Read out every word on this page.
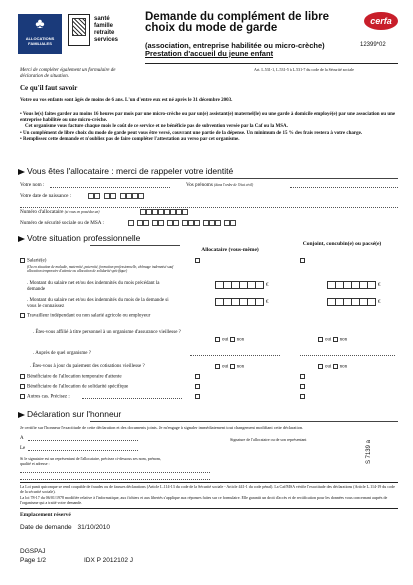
♣
ALLOCATIONS FAMILIALES
santé
famille
retraite
services
Demande du complément de libre choix du mode de garde
(association, entreprise habilitée ou micro-crèche)
Prestation d'accueil du jeune enfant
cerfa
12399*02
Art. L.531-1, L.531-5 à L.531-7 du code de la Sécurité sociale
Merci de compléter également un formulaire de déclaration de situation.
Ce qu'il faut savoir

Votre ou vos enfants sont âgés de moins de 6 ans. L'un d'entre eux est né après le 31 décembre 2003.

• Vous le(s) faites garder au moins 16 heures par mois par une micro-crèche ou par un(e) assistant(e) maternel(le) ou une garde à domicile employé(e) par une association ou une entreprise habilitée ou une micro-crèche.

Cet organisme vous facture chaque mois le coût de ce service et ne bénéficie pas de subvention versée par la Caf ou la MSA.

• Un complément de libre choix du mode de garde peut vous être versé, couvrant une partie de la dépense. Un minimum de 15 % des frais restera à votre charge.

• Remplissez cette demande et n'oubliez pas de faire compléter l'attestation au verso par cet organisme.

Vous êtes l'allocataire : merci de rappeler votre identité
Votre nom :	Vos prénoms (dans l'ordre de l'état civil)
Votre date de naissance :
Numéro d'allocataire (si vous en possédez un)
Numéro de sécurité sociale ou de MSA :
Votre situation professionnelle
Allocataire (vous-même)
Conjoint, concubin(e) ou pacsé(e)
Salarié(e)
(Ou en situation de maladie, maternité, paternité, formation professionnelle, chômage indemnisé sauf allocation temporaire d'attente ou allocation de solidarité spécifique)
. Montant du salaire net et/ou des indemnités du mois précédant la demande
€	€
. Montant du salaire net et/ou des indemnités du mois de la demande si vous le connaissez
€	€
Travailleur indépendant ou non salarié agricole ou employeur
. Êtes-vous affilié à titre personnel à un organisme d'assurance vieillesse ?
oui non	oui non
. Auprès de quel organisme ?
. Êtes-vous à jour du paiement des cotisations vieillesse ?	oui non	oui non
Bénéficiaire de l'allocation temporaire d'attente
Bénéficiaire de l'allocation de solidarité spécifique
Autres cas. Précisez :
Déclaration sur l'honneur
Je certifie sur l'honneur l'exactitude de cette déclaration et des documents joints. Je m'engage à signaler immédiatement tout changement modifiant cette déclaration.
A
Le
Signature de l'allocataire ou de son représentant
Si le signataire est un représentant de l'allocataire, précisez ci-dessous ses nom, prénom, qualité et adresse :	S 7139 a
La Loi punit quiconque se rend coupable de fraudes ou de fausses déclarations (Article L.114-13 du code de la Sécurité sociale - Article 441-1 du code pénal). La Caf/MSA vérifie l'exactitude des déclarations (Article L.114-19 du code de la sécurité sociale).
La loi 78-17 du 06/01/1978 modifiée relative à l'informatique, aux fichiers et aux libertés s'applique aux réponses faites sur ce formulaire. Elle garantit un droit d'accès et de rectification pour les données vous concernant auprès de l'organisme qui a traité votre demande.
Emplacement réservé
Date de demande 31/10/2010
DGSPAJ
Page 1/2	IDX P 2012102 J
